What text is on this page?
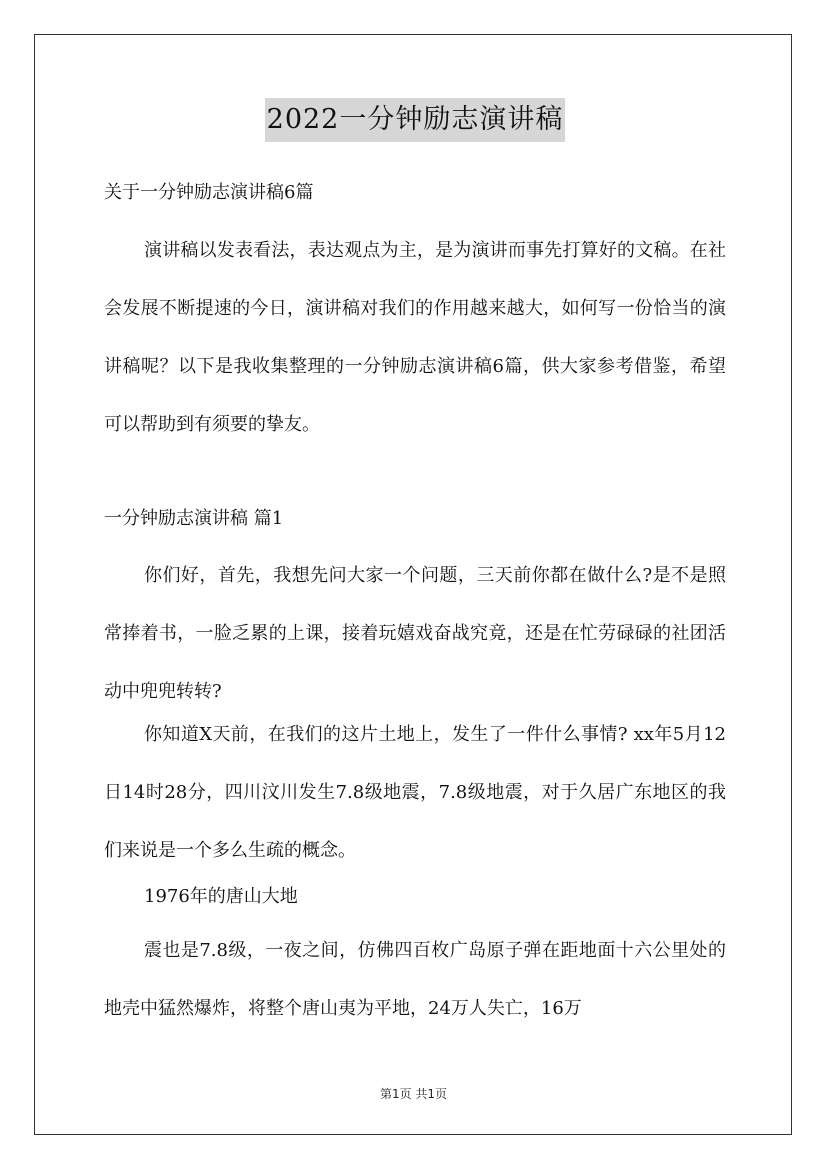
2022一分钟励志演讲稿

关于一分钟励志演讲稿6篇

演讲稿以发表看法，表达观点为主，是为演讲而事先打算好的文稿。在社会发展不断提速的今日，演讲稿对我们的作用越来越大，如何写一份恰当的演讲稿呢？以下是我收集整理的一分钟励志演讲稿6篇，供大家参考借鉴，希望可以帮助到有须要的挚友。

一分钟励志演讲稿 篇1

你们好，首先，我想先问大家一个问题，三天前你都在做什么?是不是照常捧着书，一脸乏累的上课，接着玩嬉戏奋战究竟，还是在忙劳碌碌的社团活动中兜兜转转?

你知道X天前，在我们的这片土地上，发生了一件什么事情? xx年5月12日14时28分，四川汶川发生7.8级地震，7.8级地震，对于久居广东地区的我们来说是一个多么生疏的概念。

1976年的唐山大地

震也是7.8级，一夜之间，仿佛四百枚广岛原子弹在距地面十六公里处的地壳中猛然爆炸，将整个唐山夷为平地，24万人失亡，16万

第1页 共1页
